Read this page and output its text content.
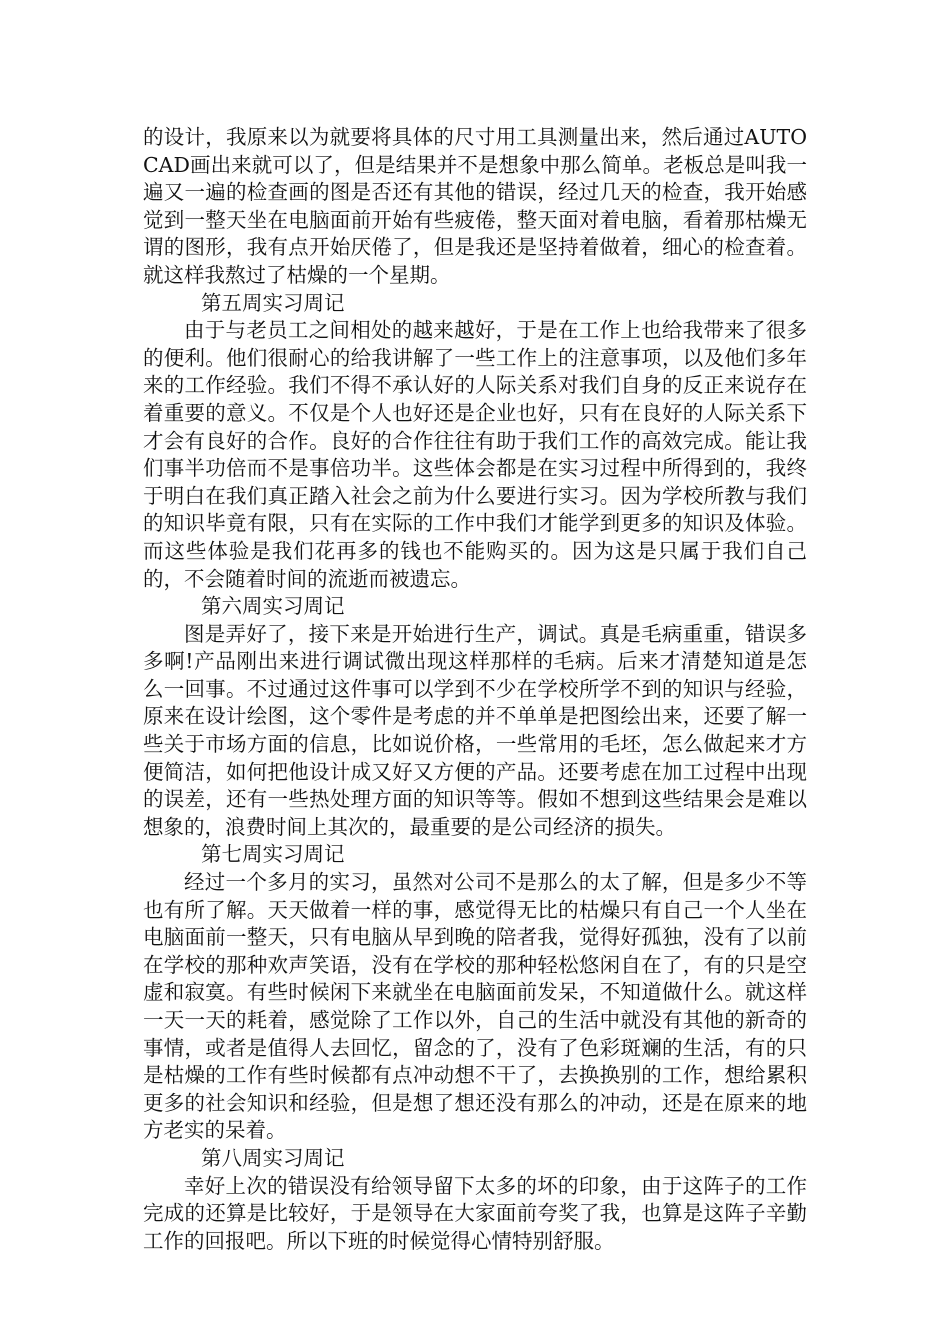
的设计，我原来以为就要将具体的尺寸用工具测量出来，然后通过AUTOCAD画出来就可以了，但是结果并不是想象中那么简单。老板总是叫我一遍又一遍的检查画的图是否还有其他的错误，经过几天的检查，我开始感觉到一整天坐在电脑面前开始有些疲倦，整天面对着电脑，看着那枯燥无谓的图形，我有点开始厌倦了，但是我还是坚持着做着，细心的检查着。就这样我熬过了枯燥的一个星期。

第五周实习周记

由于与老员工之间相处的越来越好，于是在工作上也给我带来了很多的便利。他们很耐心的给我讲解了一些工作上的注意事项，以及他们多年来的工作经验。我们不得不承认好的人际关系对我们自身的反正来说存在着重要的意义。不仅是个人也好还是企业也好，只有在良好的人际关系下才会有良好的合作。良好的合作往往有助于我们工作的高效完成。能让我们事半功倍而不是事倍功半。这些体会都是在实习过程中所得到的，我终于明白在我们真正踏入社会之前为什么要进行实习。因为学校所教与我们的知识毕竟有限，只有在实际的工作中我们才能学到更多的知识及体验。而这些体验是我们花再多的钱也不能购买的。因为这是只属于我们自己的，不会随着时间的流逝而被遗忘。

第六周实习周记

图是弄好了，接下来是开始进行生产，调试。真是毛病重重，错误多多啊!产品刚出来进行调试微出现这样那样的毛病。后来才清楚知道是怎么一回事。不过通过这件事可以学到不少在学校所学不到的知识与经验，原来在设计绘图，这个零件是考虑的并不单单是把图绘出来，还要了解一些关于市场方面的信息，比如说价格，一些常用的毛坯，怎么做起来才方便简洁，如何把他设计成又好又方便的产品。还要考虑在加工过程中出现的误差，还有一些热处理方面的知识等等。假如不想到这些结果会是难以想象的，浪费时间上其次的，最重要的是公司经济的损失。

第七周实习周记

经过一个多月的实习，虽然对公司不是那么的太了解，但是多少不等也有所了解。天天做着一样的事，感觉得无比的枯燥只有自己一个人坐在电脑面前一整天，只有电脑从早到晚的陪者我，觉得好孤独，没有了以前在学校的那种欢声笑语，没有在学校的那种轻松悠闲自在了，有的只是空虚和寂寞。有些时候闲下来就坐在电脑面前发呆，不知道做什么。就这样一天一天的耗着，感觉除了工作以外，自己的生活中就没有其他的新奇的事情，或者是值得人去回忆，留念的了，没有了色彩斑斓的生活，有的只是枯燥的工作有些时候都有点冲动想不干了，去换换别的工作，想给累积更多的社会知识和经验，但是想了想还没有那么的冲动，还是在原来的地方老实的呆着。

第八周实习周记

幸好上次的错误没有给领导留下太多的坏的印象，由于这阵子的工作完成的还算是比较好，于是领导在大家面前夸奖了我，也算是这阵子辛勤工作的回报吧。所以下班的时候觉得心情特别舒服。
